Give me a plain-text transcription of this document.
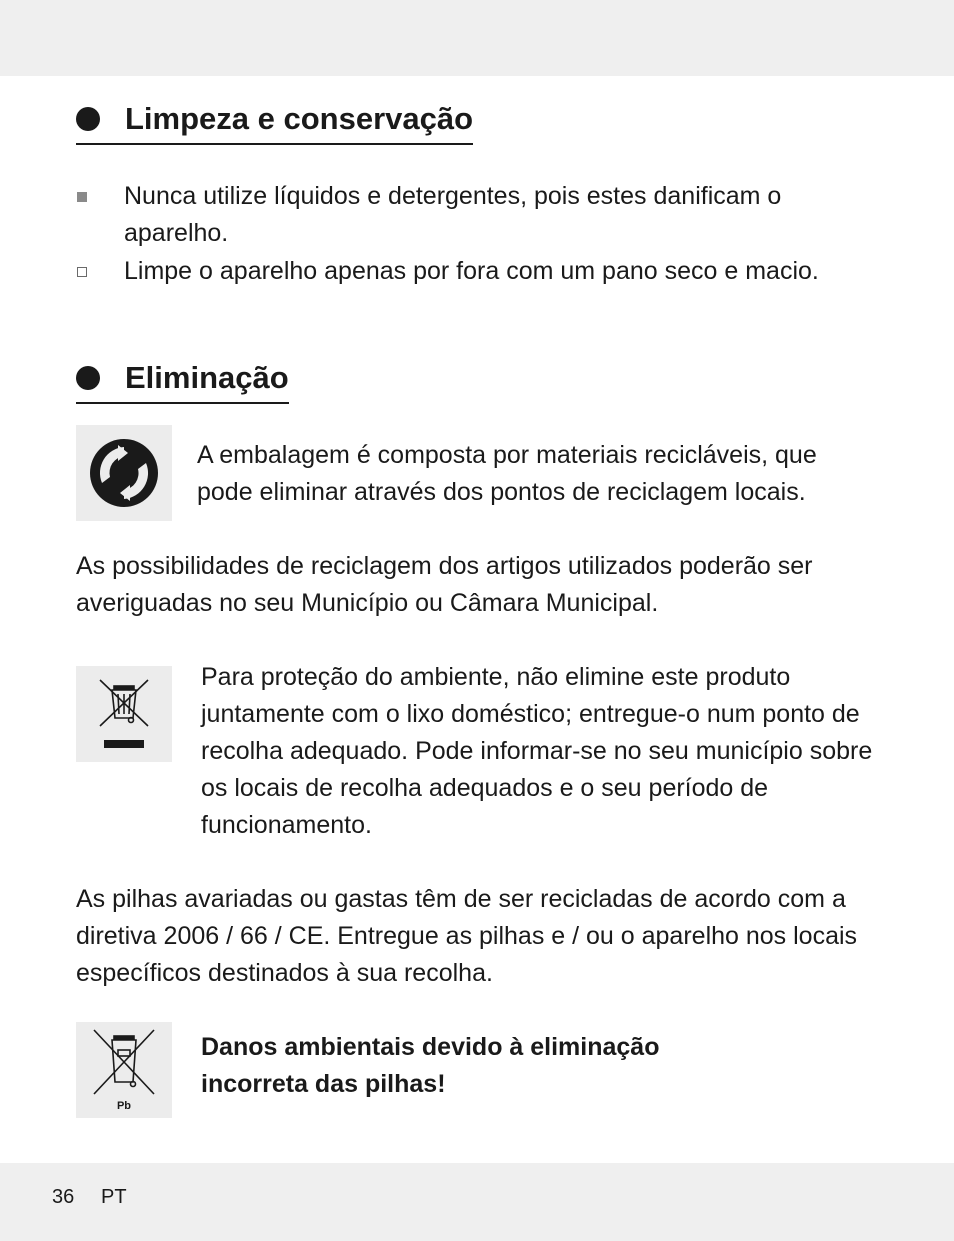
Limpeza e conservação
Nunca utilize líquidos e detergentes, pois estes danificam o aparelho.
Limpe o aparelho apenas por fora com um pano seco e macio.
Eliminação
A embalagem é composta por materiais recicláveis, que pode eliminar através dos pontos de reciclagem locais.
As possibilidades de reciclagem dos artigos utilizados poderão ser averiguadas no seu Município ou Câmara Municipal.
Para proteção do ambiente, não elimine este produto juntamente com o lixo doméstico; entregue-o num ponto de recolha adequado. Pode informar-se no seu município sobre os locais de recolha adequados e o seu período de funcionamento.
As pilhas avariadas ou gastas têm de ser recicladas de acordo com a diretiva 2006 / 66 / CE. Entregue as pilhas e / ou o aparelho nos locais específicos destinados à sua recolha.
Pb
Danos ambientais devido à eliminação incorreta das pilhas!
36 PT
